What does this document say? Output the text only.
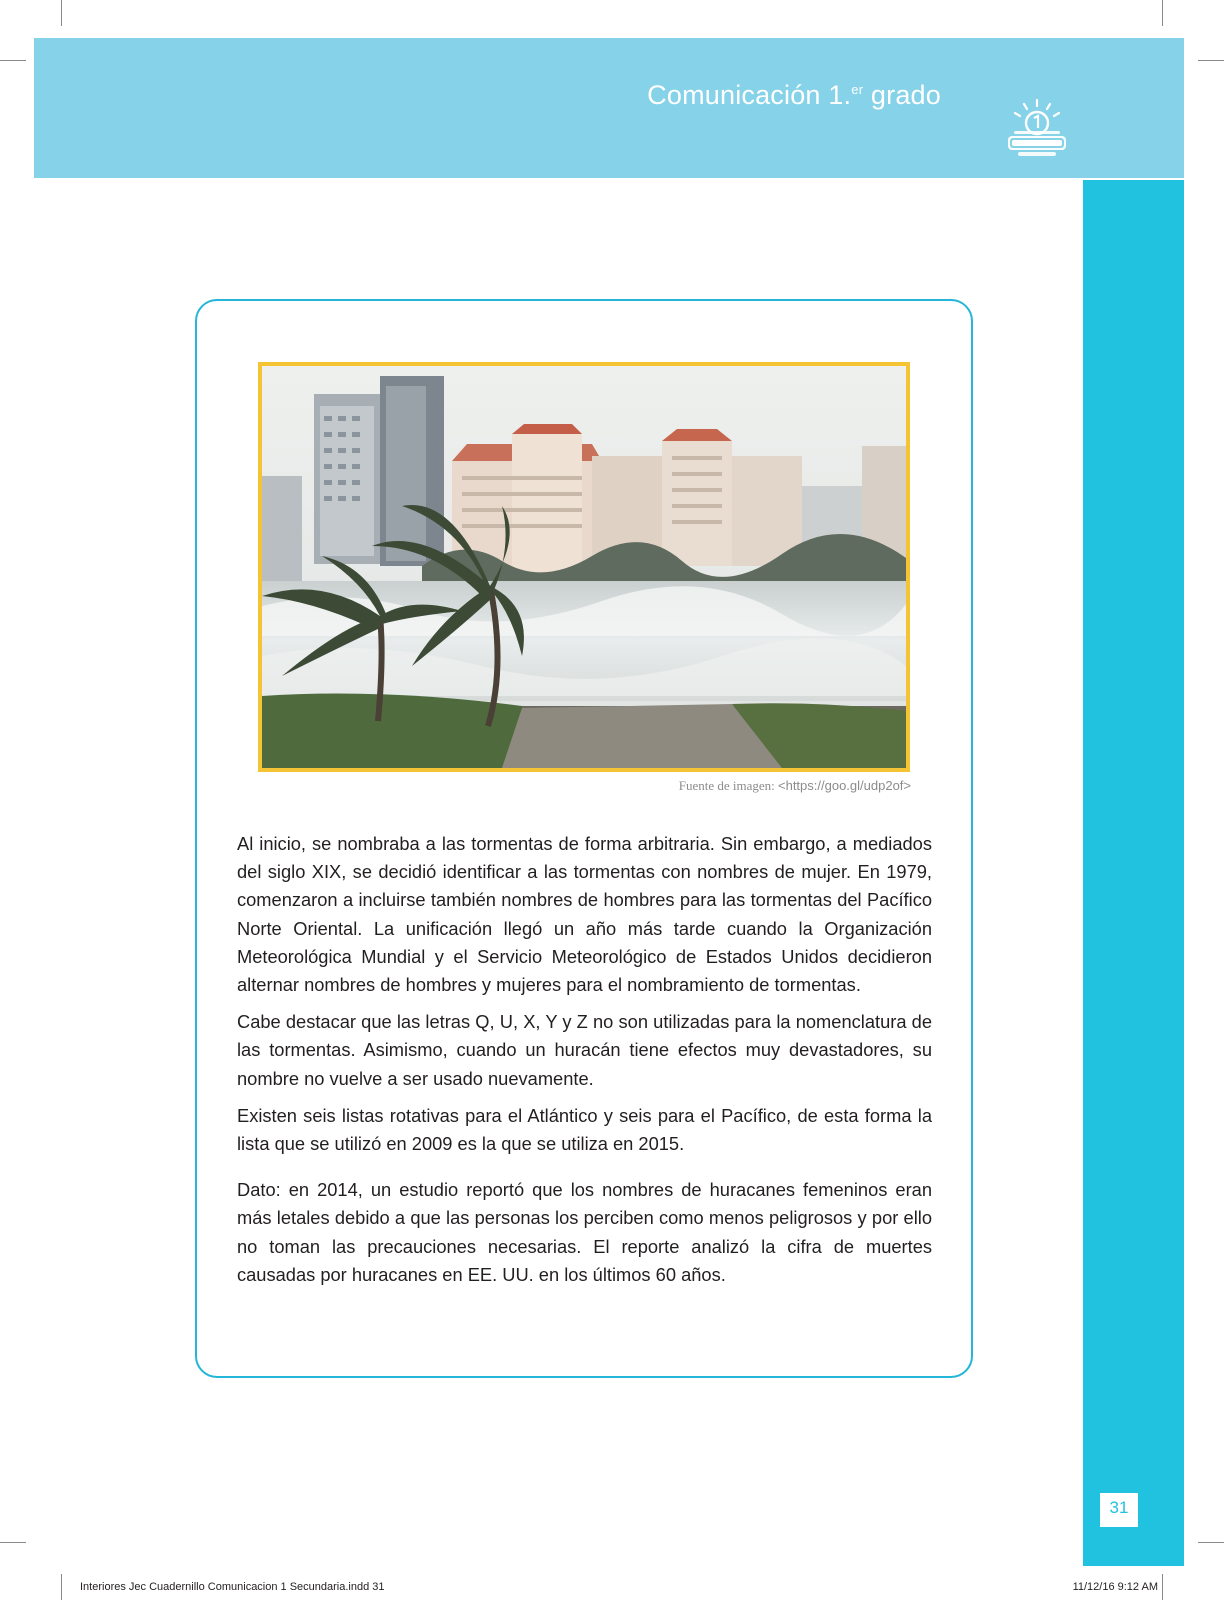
Comunicación 1.$^{er}$ grado
31
Fuente de imagen: <https://goo.gl/udp2of>

Al inicio, se nombraba a las tormentas de forma arbitraria. Sin embargo, a mediados del siglo XIX, se decidió identificar a las tormentas con nombres de mujer. En 1979, comenzaron a incluirse también nombres de hombres para las tormentas del Pacífico Norte Oriental. La unificación llegó un año más tarde cuando la Organización Meteorológica Mundial y el Servicio Meteorológico de Estados Unidos decidieron alternar nombres de hombres y mujeres para el nombramiento de tormentas.

Cabe destacar que las letras Q, U, X, Y y Z no son utilizadas para la nomenclatura de las tormentas. Asimismo, cuando un huracán tiene efectos muy devastadores, su nombre no vuelve a ser usado nuevamente.

Existen seis listas rotativas para el Atlántico y seis para el Pacífico, de esta forma la lista que se utilizó en 2009 es la que se utiliza en 2015.

Dato: en 2014, un estudio reportó que los nombres de huracanes femeninos eran más letales debido a que las personas los perciben como menos peligrosos y por ello no toman las precauciones necesarias. El reporte analizó la cifra de muertes causadas por huracanes en EE. UU. en los últimos 60 años.

Interiores Jec Cuadernillo Comunicacion 1 Secundaria.indd 31	11/12/16 9:12 AM
